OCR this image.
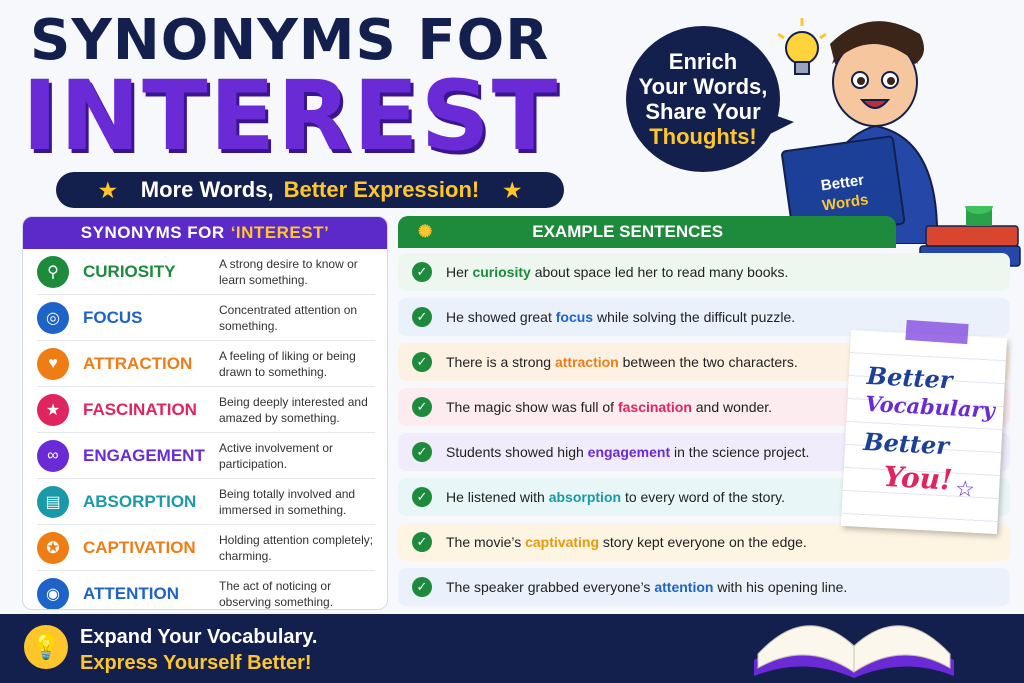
SYNONYMS FOR
INTEREST
★ More Words, Better Expression! ★
Enrich
Your Words,
Share Your
Thoughts!
Better
Words
SYNONYMS FOR ‘INTEREST’
⚲	CURIOSITY	A strong desire to know or learn something.
◎	FOCUS	Concentrated attention on something.
♥	ATTRACTION	A feeling of liking or being drawn to something.
★	FASCINATION	Being deeply interested and amazed by something.
∞	ENGAGEMENT	Active involvement or participation.
▤	ABSORPTION	Being totally involved and immersed in something.
✪	CAPTIVATION	Holding attention completely; charming.
◉	ATTENTION	The act of noticing or observing something.
✺	EXAMPLE SENTENCES
✓	Her curiosity about space led her to read many books.
✓	He showed great focus while solving the difficult puzzle.
✓	There is a strong attraction between the two characters.
✓	The magic show was full of fascination and wonder.
✓	Students showed high engagement in the science project.
✓	He listened with absorption to every word of the story.
✓	The movie’s captivating story kept everyone on the edge.
✓	The speaker grabbed everyone’s attention with his opening line.
Better
Vocabulary
Better
You! ☆
💡 Expand Your Vocabulary.
Express Yourself Better!
